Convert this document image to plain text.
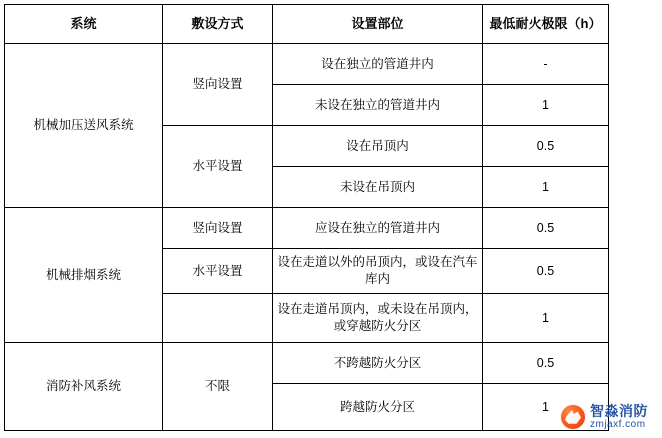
系统	敷设方式	设置部位	最低耐火极限（h）
机械加压送风系统	竖向设置	设在独立的管道井内	-
		未设在独立的管道井内	1
	水平设置	设在吊顶内	0.5
		未设在吊顶内	1
机械排烟系统	竖向设置	应设在独立的管道井内	0.5
	水平设置	设在走道以外的吊顶内，或设在汽车库内	0.5
		设在走道吊顶内，或未设在吊顶内，或穿越防火分区	1
消防补风系统	不限	不跨越防火分区	0.5
		跨越防火分区	1	智淼消防
zmjaxf.com
